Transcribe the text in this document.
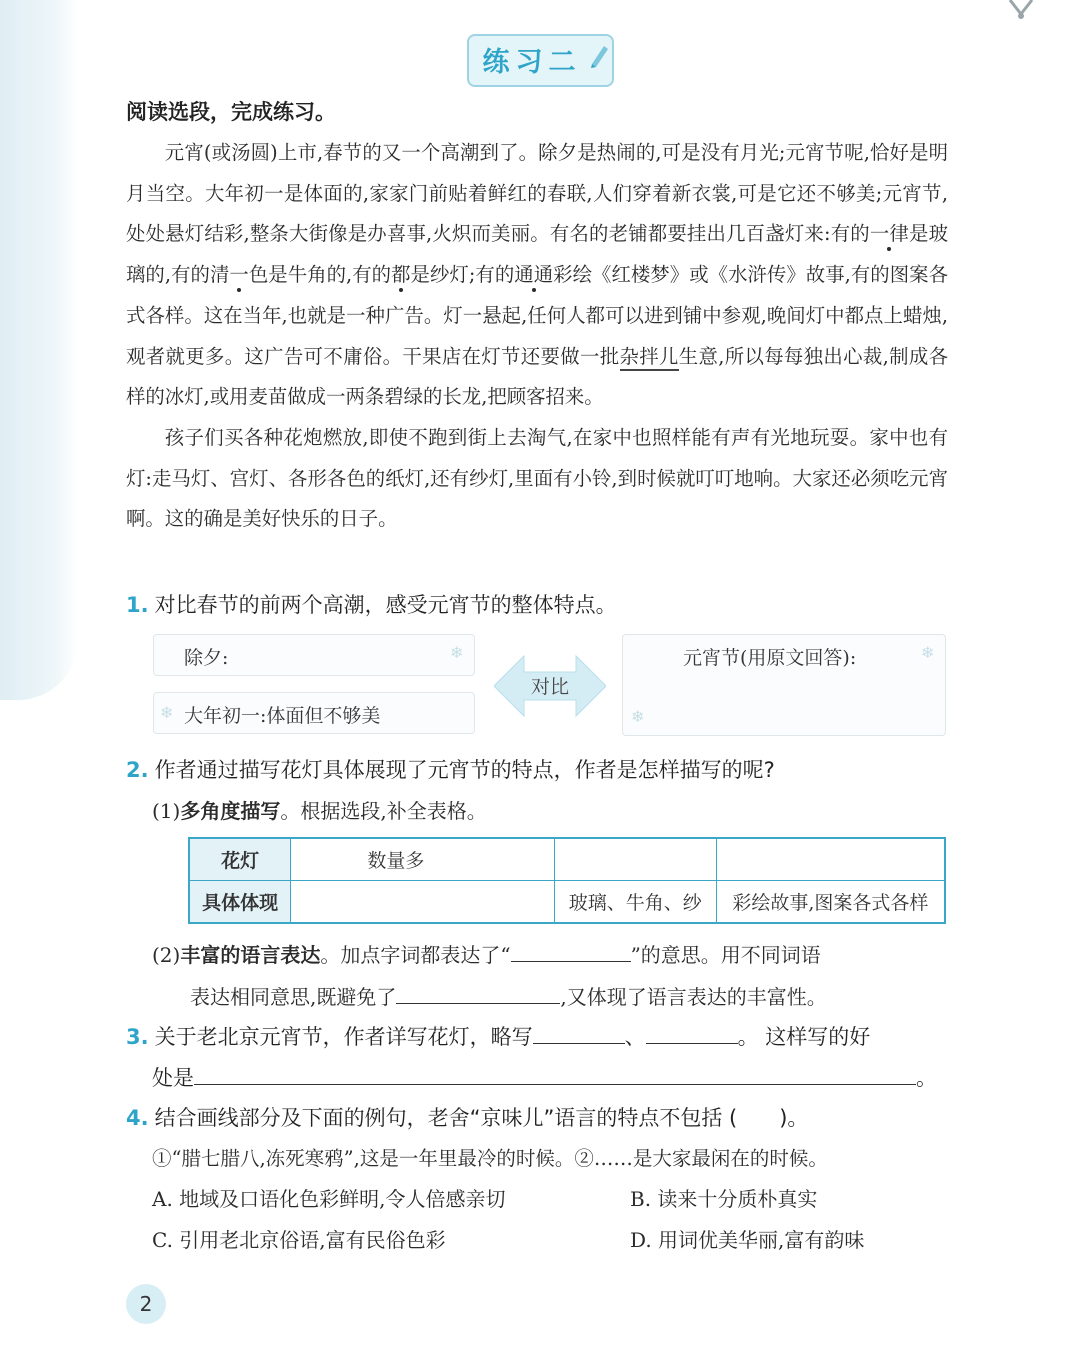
练习二
阅读选段，完成练习。

元宵(或汤圆)上市,春节的又一个高潮到了。除夕是热闹的,可是没有月光;元宵节呢,恰好是明月当空。大年初一是体面的,家家门前贴着鲜红的春联,人们穿着新衣裳,可是它还不够美;元宵节,处处悬灯结彩,整条大街像是办喜事,火炽而美丽。有名的老铺都要挂出几百盏灯来:有的一律是玻璃的,有的清一色是牛角的,有的都是纱灯;有的通通彩绘《红楼梦》或《水浒传》故事,有的图案各式各样。这在当年,也就是一种广告。灯一悬起,任何人都可以进到铺中参观,晚间灯中都点上蜡烛,观者就更多。这广告可不庸俗。干果店在灯节还要做一批杂拌儿生意,所以每每独出心裁,制成各样的冰灯,或用麦苗做成一两条碧绿的长龙,把顾客招来。

孩子们买各种花炮燃放,即使不跑到街上去淘气,在家中也照样能有声有光地玩耍。家中也有灯:走马灯、宫灯、各形各色的纸灯,还有纱灯,里面有小铃,到时候就叮叮地响。大家还必须吃元宵啊。这的确是美好快乐的日子。

1. 对比春节的前两个高潮，感受元宵节的整体特点。
除夕:	❄
大年初一:体面但不够美
❄
对比
元宵节(用原文回答):	❄
❄
2. 作者通过描写花灯具体展现了元宵节的特点，作者是怎样描写的呢?
(1)多角度描写。根据选段,补全表格。
花灯	数量多		
具体体现		玻璃、牛角、纱	彩绘故事,图案各式各样
(2)丰富的语言表达。加点字词都表达了“	”的意思。用不同词语
表达相同意思,既避免了	,又体现了语言表达的丰富性。
3. 关于老北京元宵节，作者详写花灯，略写	、	。 这样写的好
处是	。
4. 结合画线部分及下面的例句，老舍“京味儿”语言的特点不包括 (　　)。
①“腊七腊八,冻死寒鸦”,这是一年里最冷的时候。②……是大家最闲在的时候。
A. 地域及口语化色彩鲜明,令人倍感亲切	B. 读来十分质朴真实
C. 引用老北京俗语,富有民俗色彩	D. 用词优美华丽,富有韵味
2
